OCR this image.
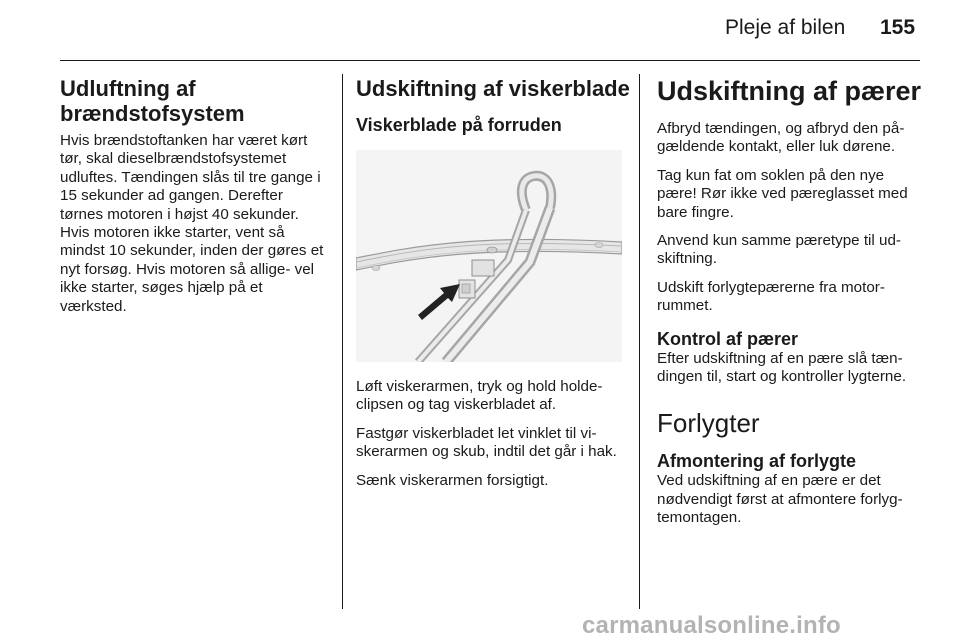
Pleje af bilen 155
Udluftning af brændstofsystem

Hvis brændstoftanken har været kørt tør, skal dieselbrændstofsystemet udluftes. Tændingen slås til tre gange i 15 sekunder ad gangen. Derefter tørnes motoren i højst 40 sekunder. Hvis motoren ikke starter, vent så mindst 10 sekunder, inden der gøres et nyt forsøg. Hvis motoren så allige- vel ikke starter, søges hjælp på et værksted.

Udskiftning af viskerblade
Viskerblade på forruden

Løft viskerarmen, tryk og hold holde- clipsen og tag viskerbladet af.

Fastgør viskerbladet let vinklet til vi- skerarmen og skub, indtil det går i hak.

Sænk viskerarmen forsigtigt.

Udskiftning af pærer

Afbryd tændingen, og afbryd den på- gældende kontakt, eller luk dørene.

Tag kun fat om soklen på den nye pære! Rør ikke ved pæreglasset med bare fingre.

Anvend kun samme pæretype til ud- skiftning.

Udskift forlygtepærerne fra motor- rummet.

Kontrol af pærer

Efter udskiftning af en pære slå tæn- dingen til, start og kontroller lygterne.

Forlygter
Afmontering af forlygte

Ved udskiftning af en pære er det nødvendigt først at afmontere forlyg- temontagen.

carmanualsonline.info
